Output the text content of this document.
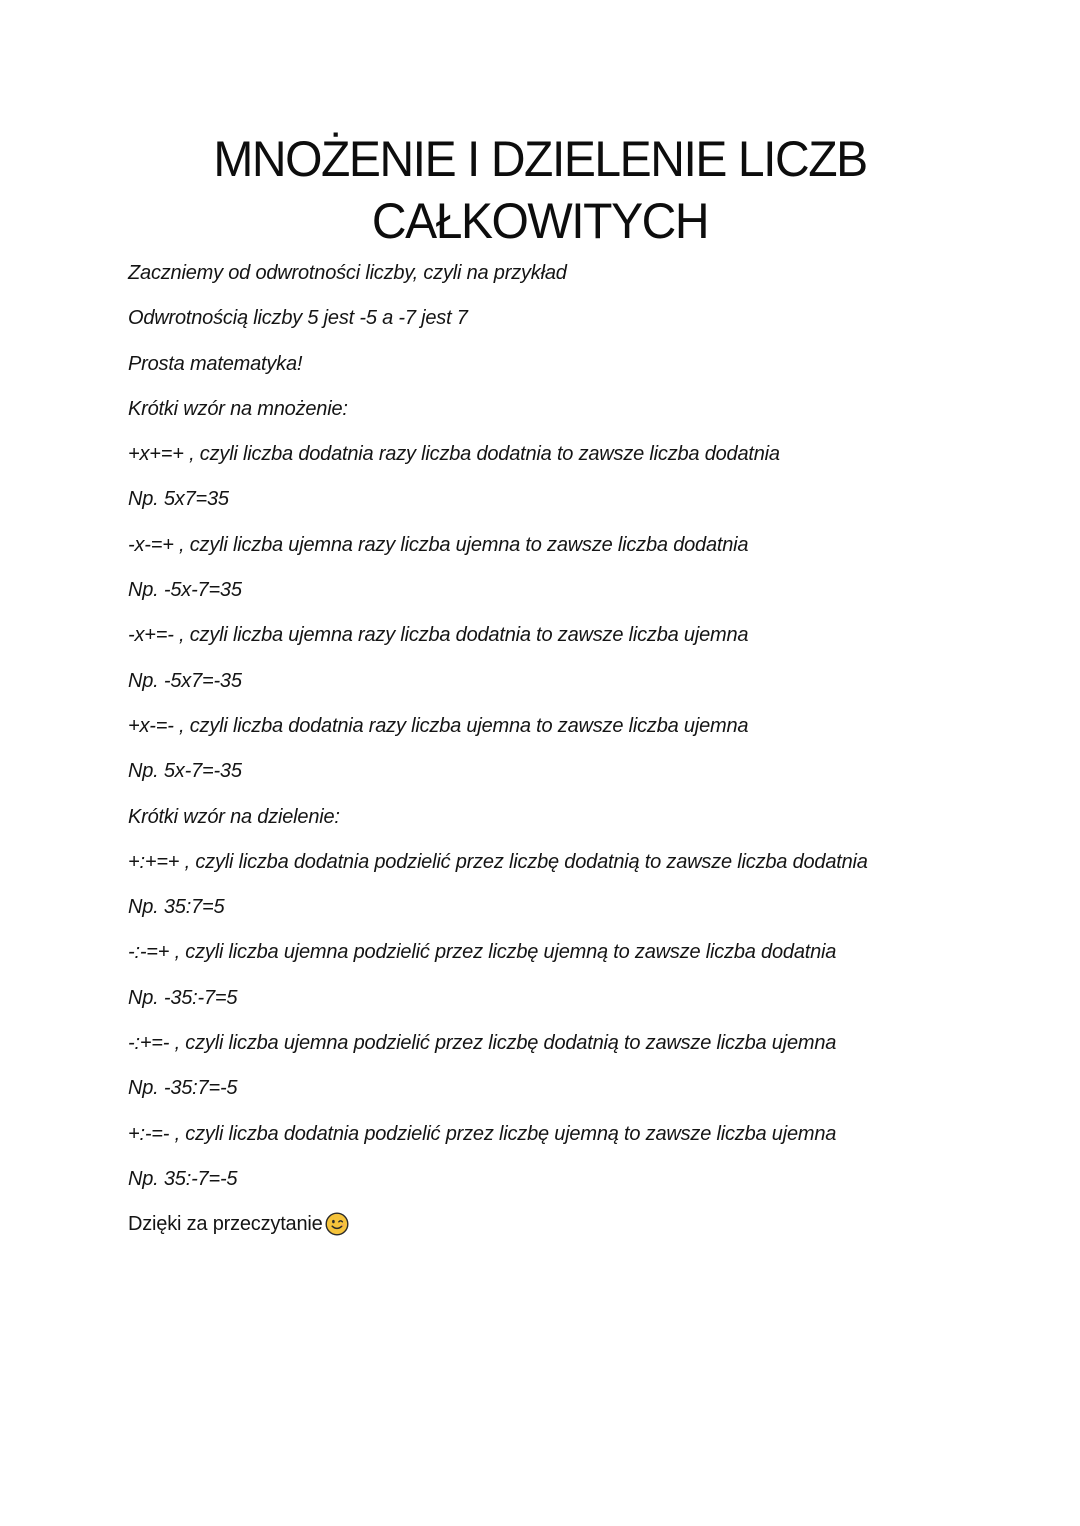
MNOŻENIE I DZIELENIE LICZB
CAŁKOWITYCH
Zaczniemy od odwrotności liczby, czyli na przykład
Odwrotnością liczby 5 jest -5 a -7 jest 7
Prosta matematyka!
Krótki wzór na mnożenie:
+x+=+ , czyli liczba dodatnia razy liczba dodatnia to zawsze liczba dodatnia
Np. 5x7=35
-x-=+ , czyli liczba ujemna razy liczba ujemna to zawsze liczba dodatnia
Np. -5x-7=35
-x+=- , czyli liczba ujemna razy liczba dodatnia to zawsze liczba ujemna
Np. -5x7=-35
+x-=- , czyli liczba dodatnia razy liczba ujemna to zawsze liczba ujemna
Np. 5x-7=-35
Krótki wzór na dzielenie:
+:+=+ , czyli liczba dodatnia podzielić przez liczbę dodatnią to zawsze liczba dodatnia
Np. 35:7=5
-:-=+ , czyli liczba ujemna podzielić przez liczbę ujemną to zawsze liczba dodatnia
Np. -35:-7=5
-:+=- , czyli liczba ujemna podzielić przez liczbę dodatnią to zawsze liczba ujemna
Np. -35:7=-5
+:-=- , czyli liczba dodatnia podzielić przez liczbę ujemną to zawsze liczba ujemna
Np. 35:-7=-5
Dzięki za przeczytanie
